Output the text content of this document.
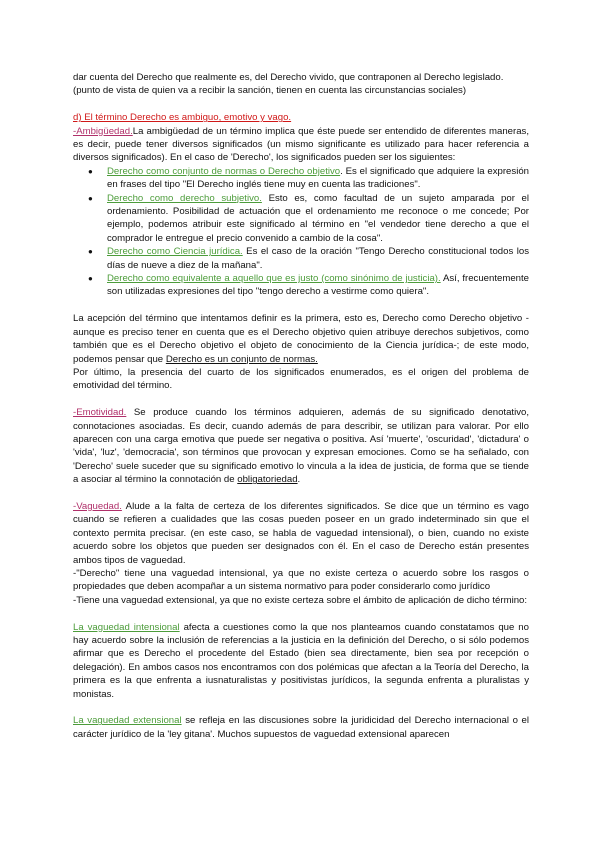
dar cuenta del Derecho que realmente es, del Derecho vivido, que contraponen al Derecho legislado.
(punto de vista de quien va a recibir la sanción, tienen en cuenta las circunstancias sociales)

d) El término Derecho es ambiguo, emotivo y vago.

-Ambigüedad.La ambigüedad de un término implica que éste puede ser entendido de diferentes maneras, es decir, puede tener diversos significados (un mismo significante es utilizado para hacer referencia a diversos significados). En el caso de 'Derecho', los significados pueden ser los siguientes:

● Derecho como conjunto de normas o Derecho objetivo. Es el significado que adquiere la expresión en frases del tipo "El Derecho inglés tiene muy en cuenta las tradiciones".
● Derecho como derecho subjetivo. Esto es, como facultad de un sujeto amparada por el ordenamiento. Posibilidad de actuación que el ordenamiento me reconoce o me concede; Por ejemplo, podemos atribuir este significado al término en "el vendedor tiene derecho a que el comprador le entregue el precio convenido a cambio de la cosa".
● Derecho como Ciencia jurídica. Es el caso de la oración "Tengo Derecho constitucional todos los días de nueve a diez de la mañana".
● Derecho como equivalente a aquello que es justo (como sinónimo de justicia). Así, frecuentemente son utilizadas expresiones del tipo "tengo derecho a vestirme como quiera".

La acepción del término que intentamos definir es la primera, esto es, Derecho como Derecho objetivo -aunque es preciso tener en cuenta que es el Derecho objetivo quien atribuye derechos subjetivos, como también que es el Derecho objetivo el objeto de conocimiento de la Ciencia jurídica-; de este modo, podemos pensar que Derecho es un conjunto de normas.
Por último, la presencia del cuarto de los significados enumerados, es el origen del problema de emotividad del término.

-Emotividad. Se produce cuando los términos adquieren, además de su significado denotativo, connotaciones asociadas. Es decir, cuando además de para describir, se utilizan para valorar. Por ello aparecen con una carga emotiva que puede ser negativa o positiva. Así 'muerte', 'oscuridad', 'dictadura' o 'vida', 'luz', 'democracia', son términos que provocan y expresan emociones. Como se ha señalado, con 'Derecho' suele suceder que su significado emotivo lo vincula a la idea de justicia, de forma que se tiende a asociar al término la connotación de obligatoriedad.

-Vaguedad. Alude a la falta de certeza de los diferentes significados. Se dice que un término es vago cuando se refieren a cualidades que las cosas pueden poseer en un grado indeterminado sin que el contexto permita precisar. (en este caso, se habla de vaguedad intensional), o bien, cuando no existe acuerdo sobre los objetos que pueden ser designados con él. En el caso de Derecho están presentes ambos tipos de vaguedad.
-"Derecho" tiene una vaguedad intensional, ya que no existe certeza o acuerdo sobre los rasgos o propiedades que deben acompañar a un sistema normativo para poder considerarlo como jurídico
-Tiene una vaguedad extensional, ya que no existe certeza sobre el ámbito de aplicación de dicho término:

La vaguedad intensional afecta a cuestiones como la que nos planteamos cuando constatamos que no hay acuerdo sobre la inclusión de referencias a la justicia en la definición del Derecho, o si sólo podemos afirmar que es Derecho el procedente del Estado (bien sea directamente, bien sea por recepción o delegación). En ambos casos nos encontramos con dos polémicas que afectan a la Teoría del Derecho, la primera es la que enfrenta a iusnaturalistas y positivistas jurídicos, la segunda enfrenta a pluralistas y monistas.

La vaguedad extensional se refleja en las discusiones sobre la juridicidad del Derecho internacional o el carácter jurídico de la 'ley gitana'. Muchos supuestos de vaguedad extensional aparecen
